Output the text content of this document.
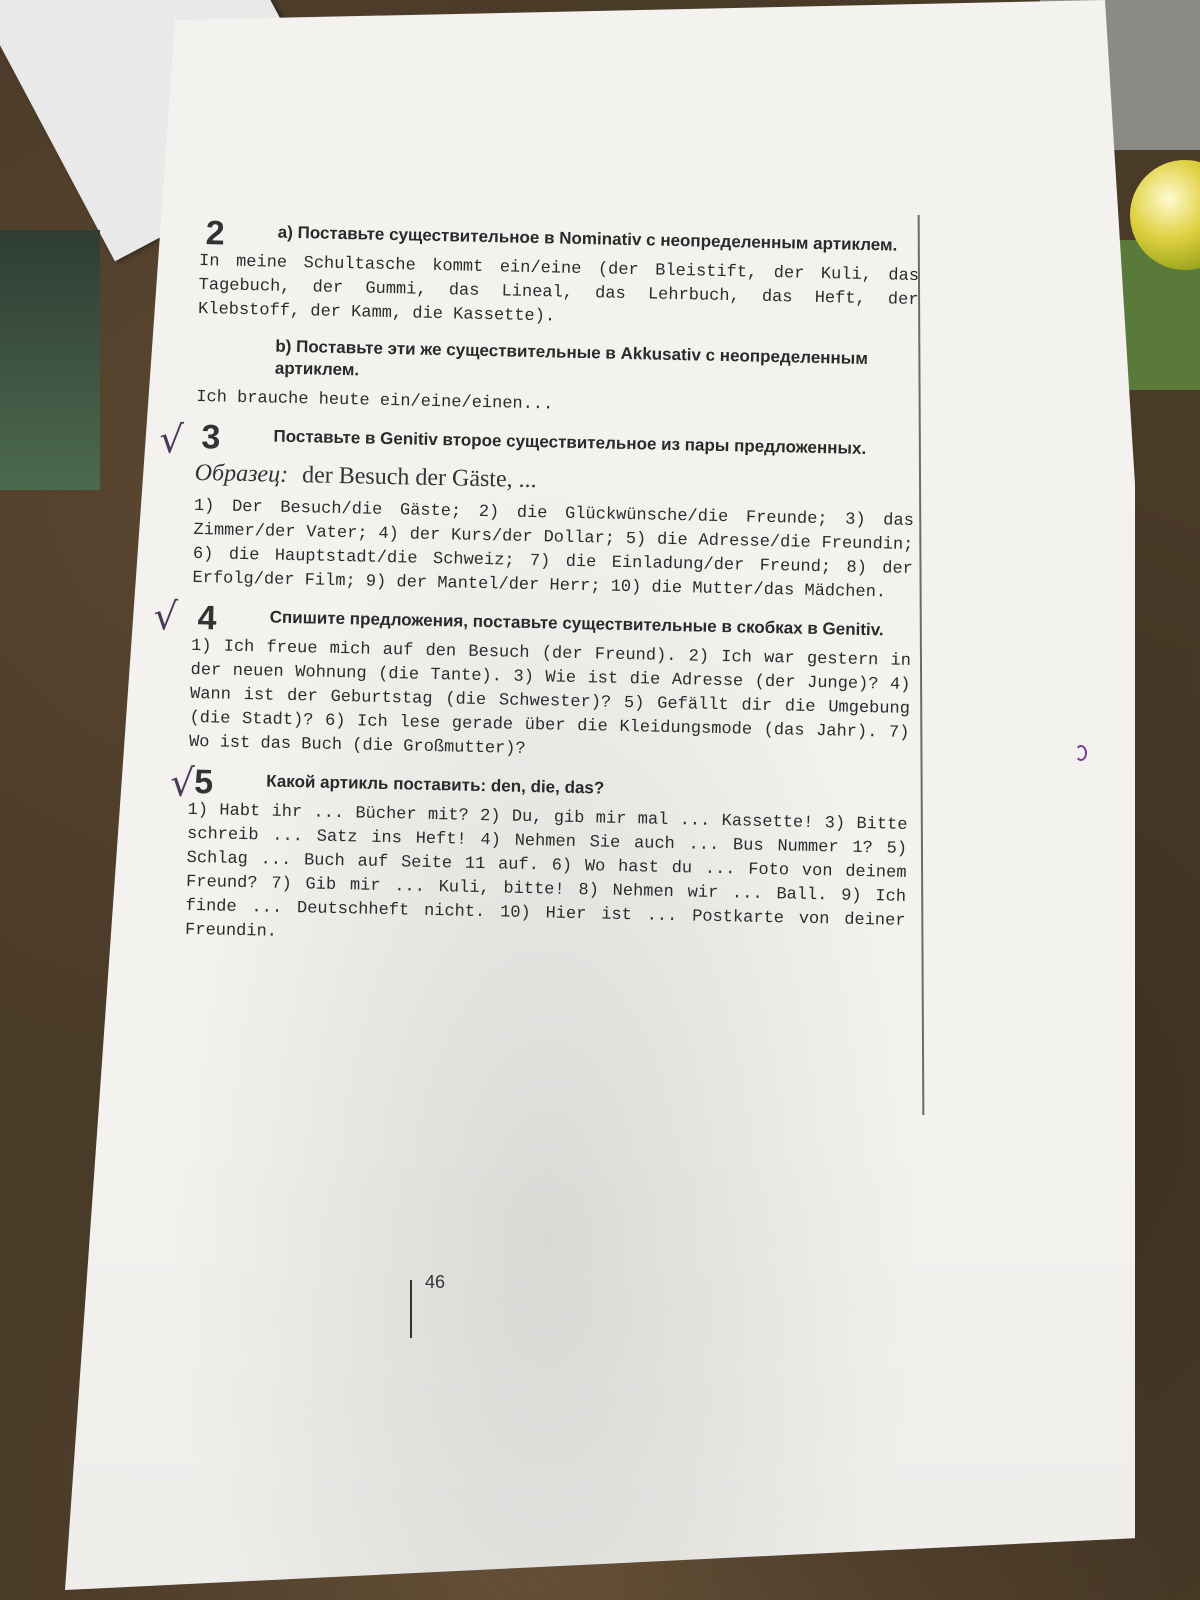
2	a) Поставьте существительное в Nominativ с неопределенным артиклем.
In meine Schultasche kommt ein/eine (der Bleistift, der Kuli, das Tagebuch, der Gummi, das Lineal, das Lehrbuch, das Heft, der Klebstoff, der Kamm, die Kassette).
b) Поставьте эти же существительные в Akkusativ с неопределенным артиклем.
Ich brauche heute ein/eine/einen...
√ 3	Поставьте в Genitiv второе существительное из пары предложенных.
Образец: der Besuch der Gäste, ...
1) Der Besuch/die Gäste; 2) die Glückwünsche/die Freunde; 3) das Zimmer/der Vater; 4) der Kurs/der Dollar; 5) die Adresse/die Freundin; 6) die Hauptstadt/die Schweiz; 7) die Einladung/der Freund; 8) der Erfolg/der Film; 9) der Mantel/der Herr; 10) die Mutter/das Mädchen.
√ 4	Спишите предложения, поставьте существительные в скобках в Genitiv.
1) Ich freue mich auf den Besuch (der Freund). 2) Ich war gestern in der neuen Wohnung (die Tante). 3) Wie ist die Adresse (der Junge)? 4) Wann ist der Geburtstag (die Schwester)? 5) Gefällt dir die Umgebung (die Stadt)? 6) Ich lese gerade über die Kleidungsmode (das Jahr). 7) Wo ist das Buch (die Großmutter)?
√
5	Какой артикль поставить: den, die, das?
1) Habt ihr ... Bücher mit? 2) Du, gib mir mal ... Kassette! 3) Bitte schreib ... Satz ins Heft! 4) Nehmen Sie auch ... Bus Nummer 1? 5) Schlag ... Buch auf Seite 11 auf. 6) Wo hast du ... Foto von deinem Freund? 7) Gib mir ... Kuli, bitte! 8) Nehmen wir ... Ball. 9) Ich finde ... Deutschheft nicht. 10) Hier ist ... Postkarte von deiner Freundin.
46
